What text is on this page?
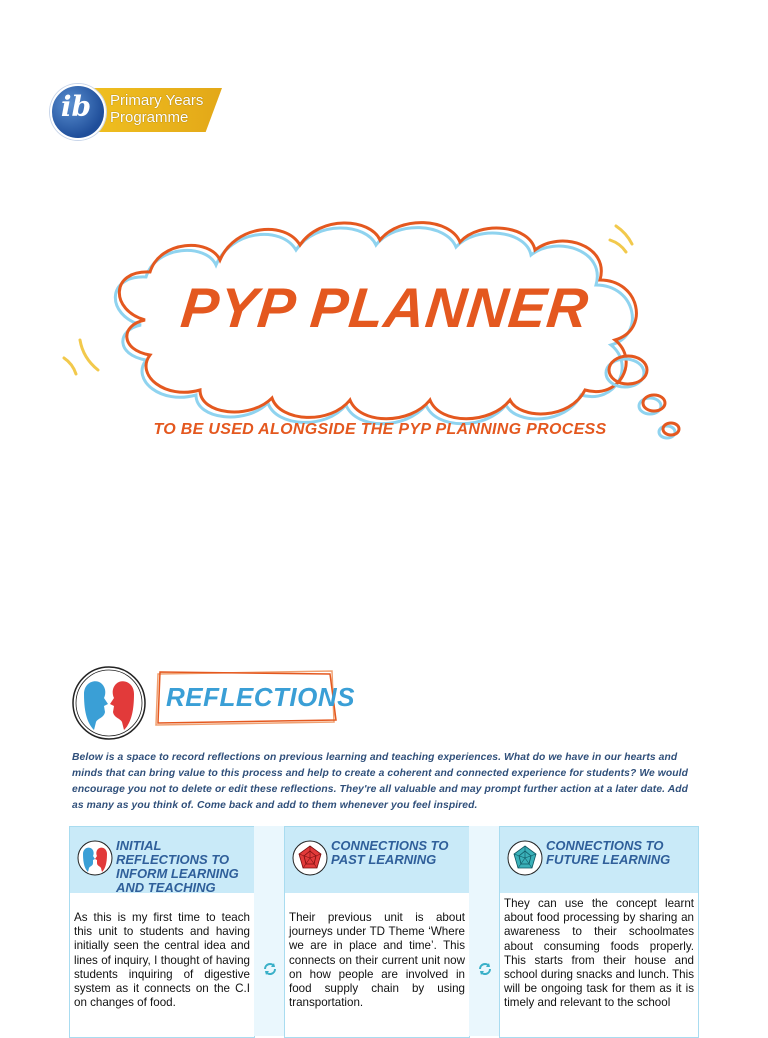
ib	Primary Years
Programme
PYP PLANNER
TO BE USED ALONGSIDE THE PYP PLANNING PROCESS
REFLECTIONS
Below is a space to record reflections on previous learning and teaching experiences. What do we have in our hearts and minds that can bring value to this process and help to create a coherent and connected experience for students? We would encourage you not to delete or edit these reflections. They're all valuable and may prompt further action at a later date. Add as many as you think of. Come back and add to them whenever you feel inspired.
INITIAL REFLECTIONS TO INFORM LEARNING AND TEACHING
As this is my first time to teach this unit to students and having initially seen the central idea and lines of inquiry, I thought of having students inquiring of digestive system as it connects on the C.I on changes of food.
CONNECTIONS TO PAST LEARNING
Their previous unit is about journeys under TD Theme ‘Where we are in place and time’. This connects on their current unit now on how people are involved in food supply chain by using transportation.
CONNECTIONS TO FUTURE LEARNING
They can use the concept learnt about food processing by sharing an awareness to their schoolmates about consuming foods properly. This starts from their house and school during snacks and lunch. This will be ongoing task for them as it is timely and relevant to the school
